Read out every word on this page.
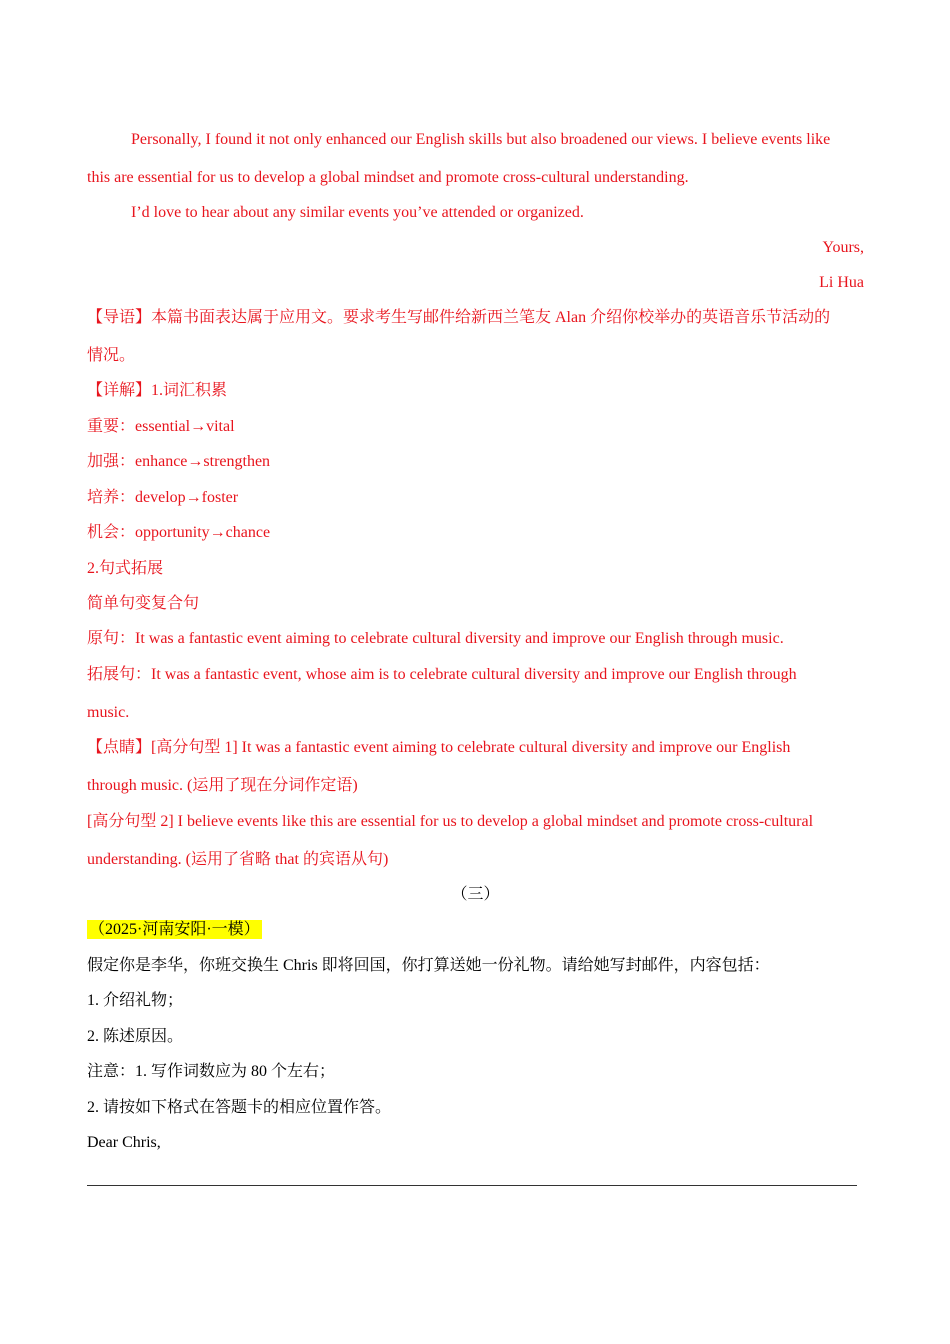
Personally, I found it not only enhanced our English skills but also broadened our views. I believe events like
this are essential for us to develop a global mindset and promote cross-cultural understanding.
I’d love to hear about any similar events you’ve attended or organized.
Yours,
Li Hua
【导语】本篇书面表达属于应用文。要求考生写邮件给新西兰笔友 Alan 介绍你校举办的英语音乐节活动的
情况。
【详解】1.词汇积累
重要：essential→vital
加强：enhance→strengthen
培养：develop→foster
机会：opportunity→chance
2.句式拓展
简单句变复合句
原句：It was a fantastic event aiming to celebrate cultural diversity and improve our English through music.
拓展句：It was a fantastic event, whose aim is to celebrate cultural diversity and improve our English through
music.
【点睛】[高分句型 1] It was a fantastic event aiming to celebrate cultural diversity and improve our English
through music. (运用了现在分词作定语)
[高分句型 2] I believe events like this are essential for us to develop a global mindset and promote cross-cultural
understanding. (运用了省略 that 的宾语从句)
（三）
（2025·河南安阳·一模）
假定你是李华，你班交换生 Chris 即将回国，你打算送她一份礼物。请给她写封邮件，内容包括：
1. 介绍礼物；
2. 陈述原因。
注意：1. 写作词数应为 80 个左右；
2. 请按如下格式在答题卡的相应位置作答。
Dear Chris,
